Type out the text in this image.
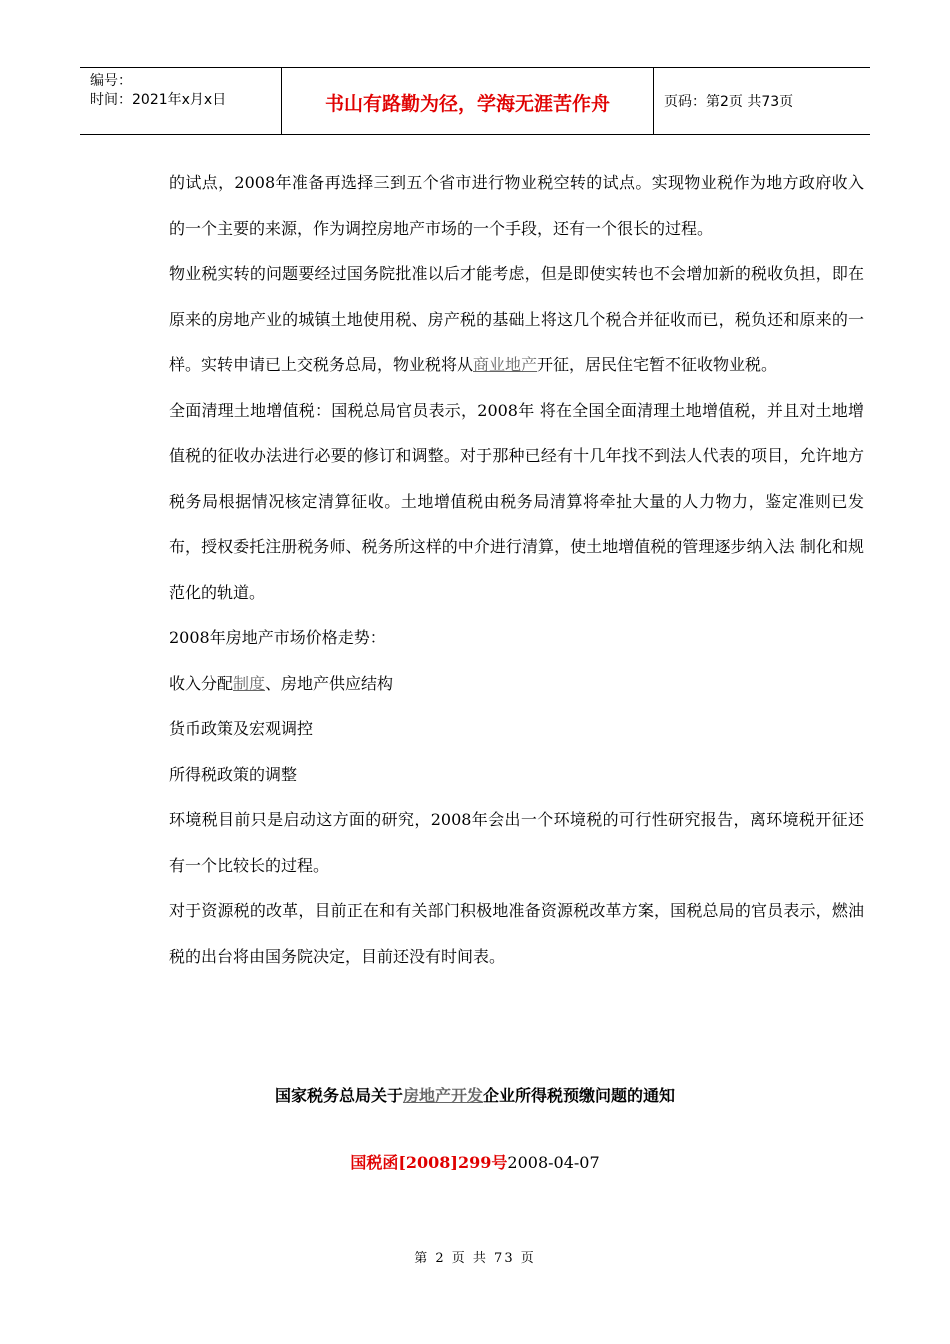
编号：
时间：2021年x月x日	书山有路勤为径，学海无涯苦作舟	页码：第2页 共73页

的试点，2008年准备再选择三到五个省市进行物业税空转的试点。实现物业税作为地方政府收入的一个主要的来源，作为调控房地产市场的一个手段，还有一个很长的过程。

物业税实转的问题要经过国务院批准以后才能考虑，但是即使实转也不会增加新的税收负担，即在原来的房地产业的城镇土地使用税、房产税的基础上将这几个税合并征收而已，税负还和原来的一样。实转申请已上交税务总局，物业税将从商业地产开征，居民住宅暂不征收物业税。

全面清理土地增值税：国税总局官员表示，2008年 将在全国全面清理土地增值税，并且对土地增值税的征收办法进行必要的修订和调整。对于那种已经有十几年找不到法人代表的项目，允许地方税务局根据情况核定清算征收。土地增值税由税务局清算将牵扯大量的人力物力，鉴定准则已发布，授权委托注册税务师、税务所这样的中介进行清算，使土地增值税的管理逐步纳入法 制化和规范化的轨道。

2008年房地产市场价格走势：

收入分配制度、房地产供应结构

货币政策及宏观调控

所得税政策的调整

环境税目前只是启动这方面的研究，2008年会出一个环境税的可行性研究报告，离环境税开征还有一个比较长的过程。

对于资源税的改革，目前正在和有关部门积极地准备资源税改革方案，国税总局的官员表示，燃油税的出台将由国务院决定，目前还没有时间表。

国家税务总局关于房地产开发企业所得税预缴问题的通知
国税函[2008]299号2008-04-07
第 2 页 共 73 页
